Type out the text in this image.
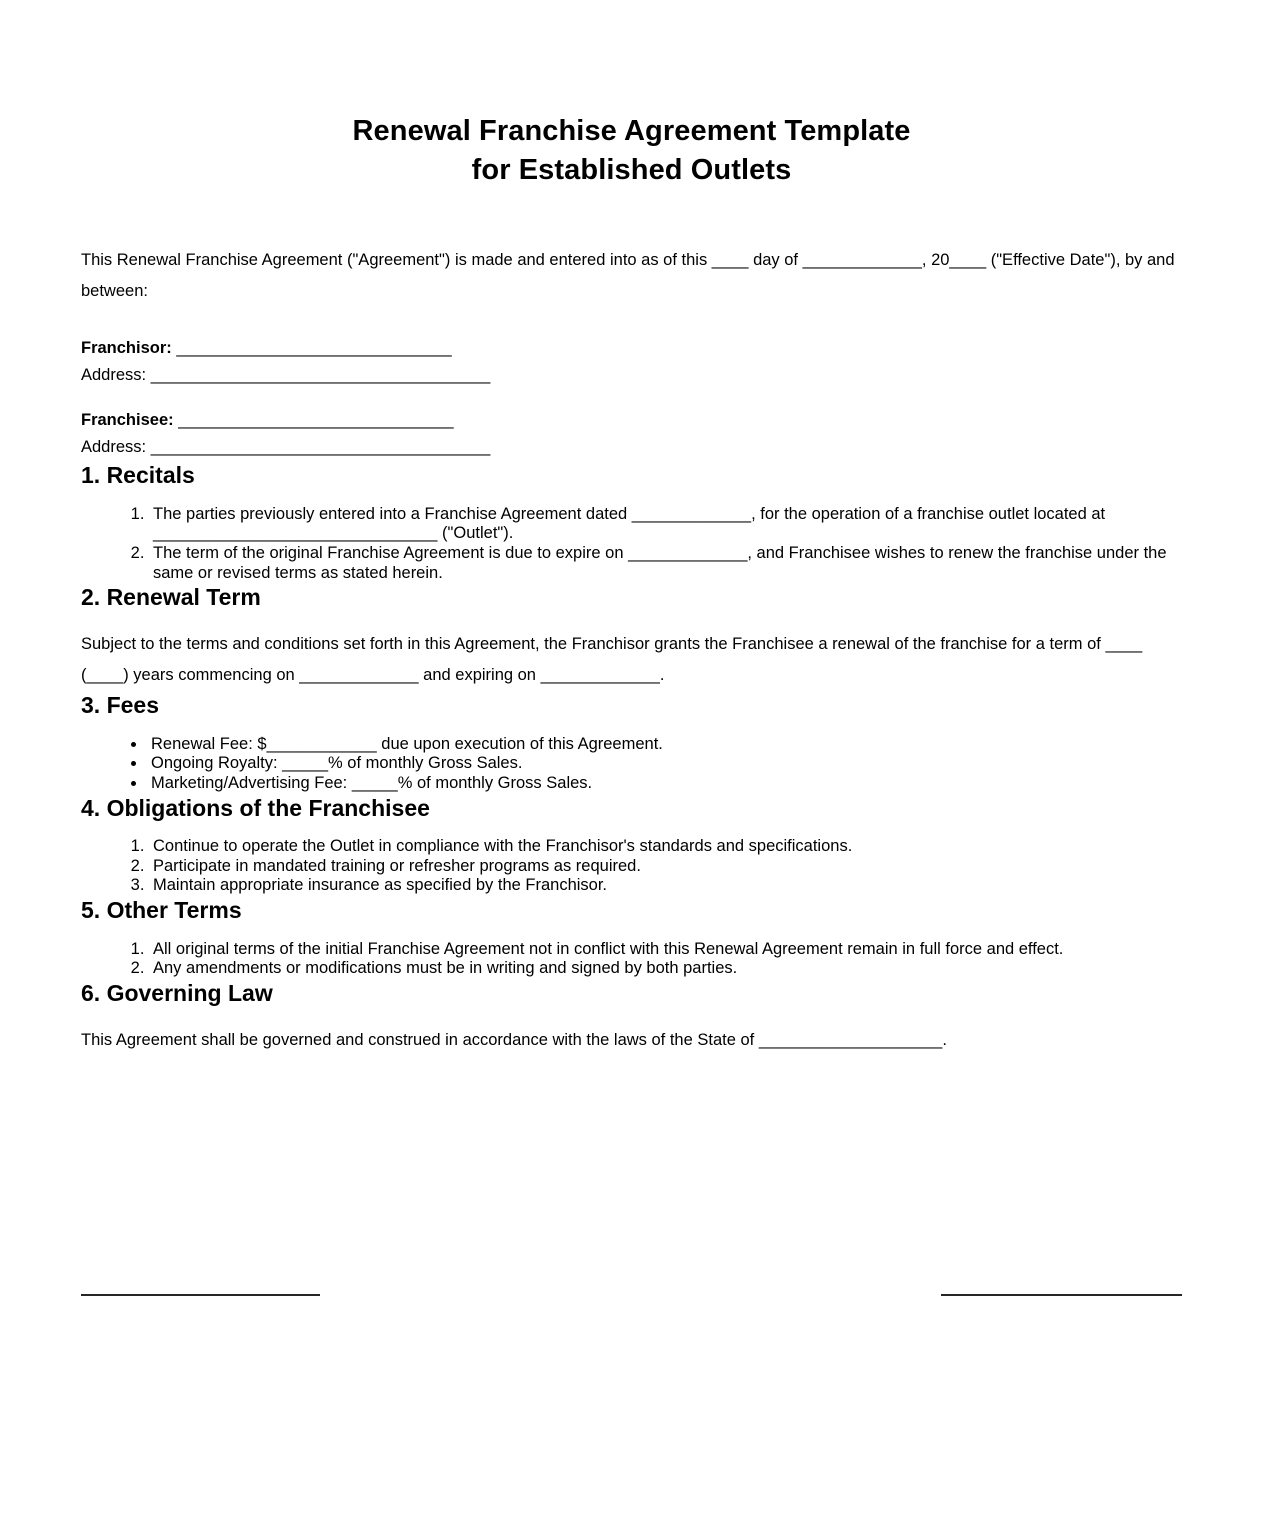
Renewal Franchise Agreement Template
for Established Outlets
This Renewal Franchise Agreement ("Agreement") is made and entered into as of this ____ day of _____________, 20____ ("Effective Date"), by and between:
Franchisor: ______________________________
Address: _____________________________________
Franchisee: ______________________________
Address: _____________________________________
1. Recitals
1. The parties previously entered into a Franchise Agreement dated _____________, for the operation of a franchise outlet located at _______________________________ ("Outlet").
2. The term of the original Franchise Agreement is due to expire on _____________, and Franchisee wishes to renew the franchise under the same or revised terms as stated herein.
2. Renewal Term

Subject to the terms and conditions set forth in this Agreement, the Franchisor grants the Franchisee a renewal of the franchise for a term of ____ (____) years commencing on _____________ and expiring on _____________.

3. Fees
• Renewal Fee: $____________ due upon execution of this Agreement.
• Ongoing Royalty: _____% of monthly Gross Sales.
• Marketing/Advertising Fee: _____% of monthly Gross Sales.
4. Obligations of the Franchisee
1. Continue to operate the Outlet in compliance with the Franchisor's standards and specifications.
2. Participate in mandated training or refresher programs as required.
3. Maintain appropriate insurance as specified by the Franchisor.
5. Other Terms
1. All original terms of the initial Franchise Agreement not in conflict with this Renewal Agreement remain in full force and effect.
2. Any amendments or modifications must be in writing and signed by both parties.
6. Governing Law

This Agreement shall be governed and construed in accordance with the laws of the State of ____________________.
